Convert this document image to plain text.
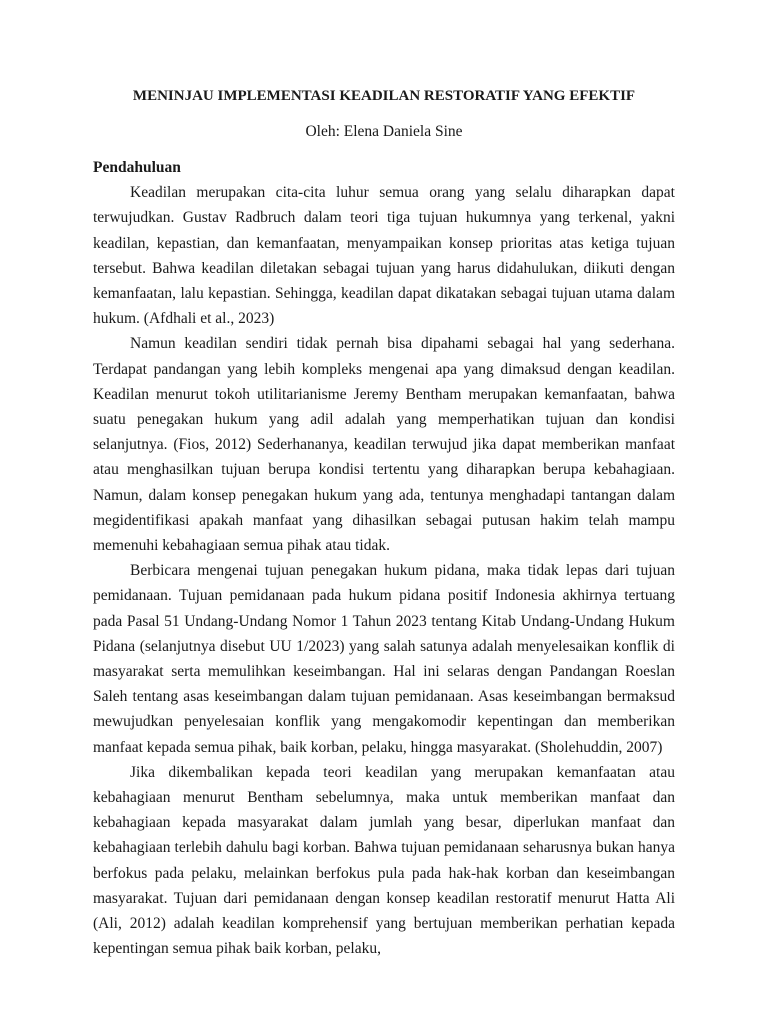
MENINJAU IMPLEMENTASI KEADILAN RESTORATIF YANG EFEKTIF

Oleh: Elena Daniela Sine

Pendahuluan

Keadilan merupakan cita-cita luhur semua orang yang selalu diharapkan dapat terwujudkan. Gustav Radbruch dalam teori tiga tujuan hukumnya yang terkenal, yakni keadilan, kepastian, dan kemanfaatan, menyampaikan konsep prioritas atas ketiga tujuan tersebut. Bahwa keadilan diletakan sebagai tujuan yang harus didahulukan, diikuti dengan kemanfaatan, lalu kepastian. Sehingga, keadilan dapat dikatakan sebagai tujuan utama dalam hukum. (Afdhali et al., 2023)

Namun keadilan sendiri tidak pernah bisa dipahami sebagai hal yang sederhana. Terdapat pandangan yang lebih kompleks mengenai apa yang dimaksud dengan keadilan. Keadilan menurut tokoh utilitarianisme Jeremy Bentham merupakan kemanfaatan, bahwa suatu penegakan hukum yang adil adalah yang memperhatikan tujuan dan kondisi selanjutnya. (Fios, 2012) Sederhananya, keadilan terwujud jika dapat memberikan manfaat atau menghasilkan tujuan berupa kondisi tertentu yang diharapkan berupa kebahagiaan. Namun, dalam konsep penegakan hukum yang ada, tentunya menghadapi tantangan dalam megidentifikasi apakah manfaat yang dihasilkan sebagai putusan hakim telah mampu memenuhi kebahagiaan semua pihak atau tidak.

Berbicara mengenai tujuan penegakan hukum pidana, maka tidak lepas dari tujuan pemidanaan. Tujuan pemidanaan pada hukum pidana positif Indonesia akhirnya tertuang pada Pasal 51 Undang-Undang Nomor 1 Tahun 2023 tentang Kitab Undang-Undang Hukum Pidana (selanjutnya disebut UU 1/2023) yang salah satunya adalah menyelesaikan konflik di masyarakat serta memulihkan keseimbangan. Hal ini selaras dengan Pandangan Roeslan Saleh tentang asas keseimbangan dalam tujuan pemidanaan. Asas keseimbangan bermaksud mewujudkan penyelesaian konflik yang mengakomodir kepentingan dan memberikan manfaat kepada semua pihak, baik korban, pelaku, hingga masyarakat. (Sholehuddin, 2007)

Jika dikembalikan kepada teori keadilan yang merupakan kemanfaatan atau kebahagiaan menurut Bentham sebelumnya, maka untuk memberikan manfaat dan kebahagiaan kepada masyarakat dalam jumlah yang besar, diperlukan manfaat dan kebahagiaan terlebih dahulu bagi korban. Bahwa tujuan pemidanaan seharusnya bukan hanya berfokus pada pelaku, melainkan berfokus pula pada hak-hak korban dan keseimbangan masyarakat. Tujuan dari pemidanaan dengan konsep keadilan restoratif menurut Hatta Ali (Ali, 2012) adalah keadilan komprehensif yang bertujuan memberikan perhatian kepada kepentingan semua pihak baik korban, pelaku,
